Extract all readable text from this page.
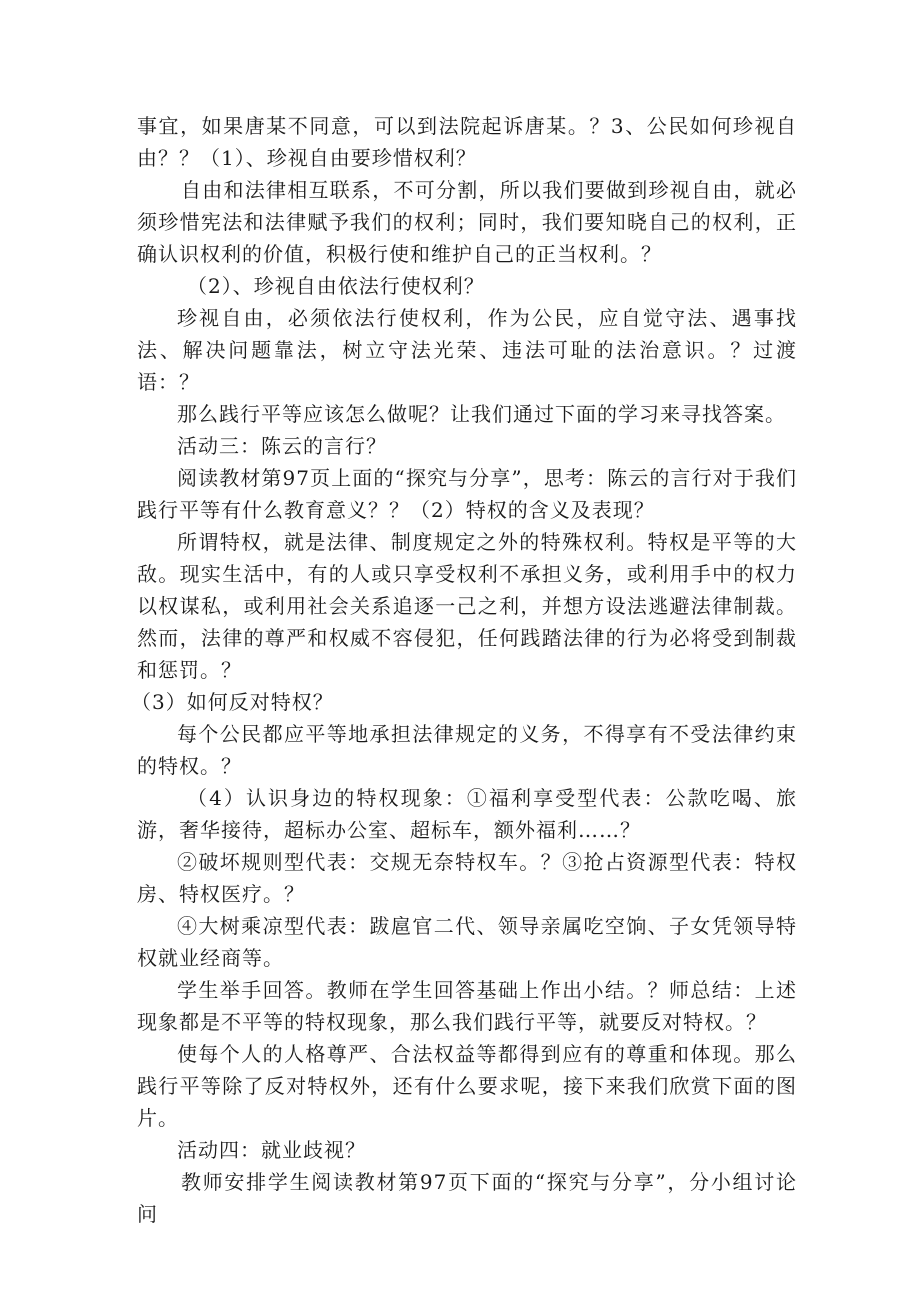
事宜，如果唐某不同意，可以到法院起诉唐某。？3、公民如何珍视自由？？（1）、珍视自由要珍惜权利？

自由和法律相互联系，不可分割，所以我们要做到珍视自由，就必须珍惜宪法和法律赋予我们的权利；同时，我们要知晓自己的权利，正确认识权利的价值，积极行使和维护自己的正当权利。？

（2）、珍视自由依法行使权利？

珍视自由，必须依法行使权利，作为公民，应自觉守法、遇事找法、解决问题靠法，树立守法光荣、违法可耻的法治意识。？过渡语：？

那么践行平等应该怎么做呢？让我们通过下面的学习来寻找答案。

活动三：陈云的言行？

阅读教材第97页上面的“探究与分享”，思考：陈云的言行对于我们践行平等有什么教育意义？？（2）特权的含义及表现？

所谓特权，就是法律、制度规定之外的特殊权利。特权是平等的大敌。现实生活中，有的人或只享受权利不承担义务，或利用手中的权力以权谋私，或利用社会关系追逐一己之利，并想方设法逃避法律制裁。然而，法律的尊严和权威不容侵犯，任何践踏法律的行为必将受到制裁和惩罚。？

（3）如何反对特权？

每个公民都应平等地承担法律规定的义务，不得享有不受法律约束的特权。？

（4）认识身边的特权现象：①福利享受型代表：公款吃喝、旅游，奢华接待，超标办公室、超标车，额外福利……？

②破坏规则型代表：交规无奈特权车。？③抢占资源型代表：特权房、特权医疗。？

④大树乘凉型代表：跋扈官二代、领导亲属吃空饷、子女凭领导特权就业经商等。

学生举手回答。教师在学生回答基础上作出小结。？师总结：上述现象都是不平等的特权现象，那么我们践行平等，就要反对特权。？

使每个人的人格尊严、合法权益等都得到应有的尊重和体现。那么践行平等除了反对特权外，还有什么要求呢，接下来我们欣赏下面的图片。

活动四：就业歧视？

教师安排学生阅读教材第97页下面的“探究与分享”，分小组讨论问
